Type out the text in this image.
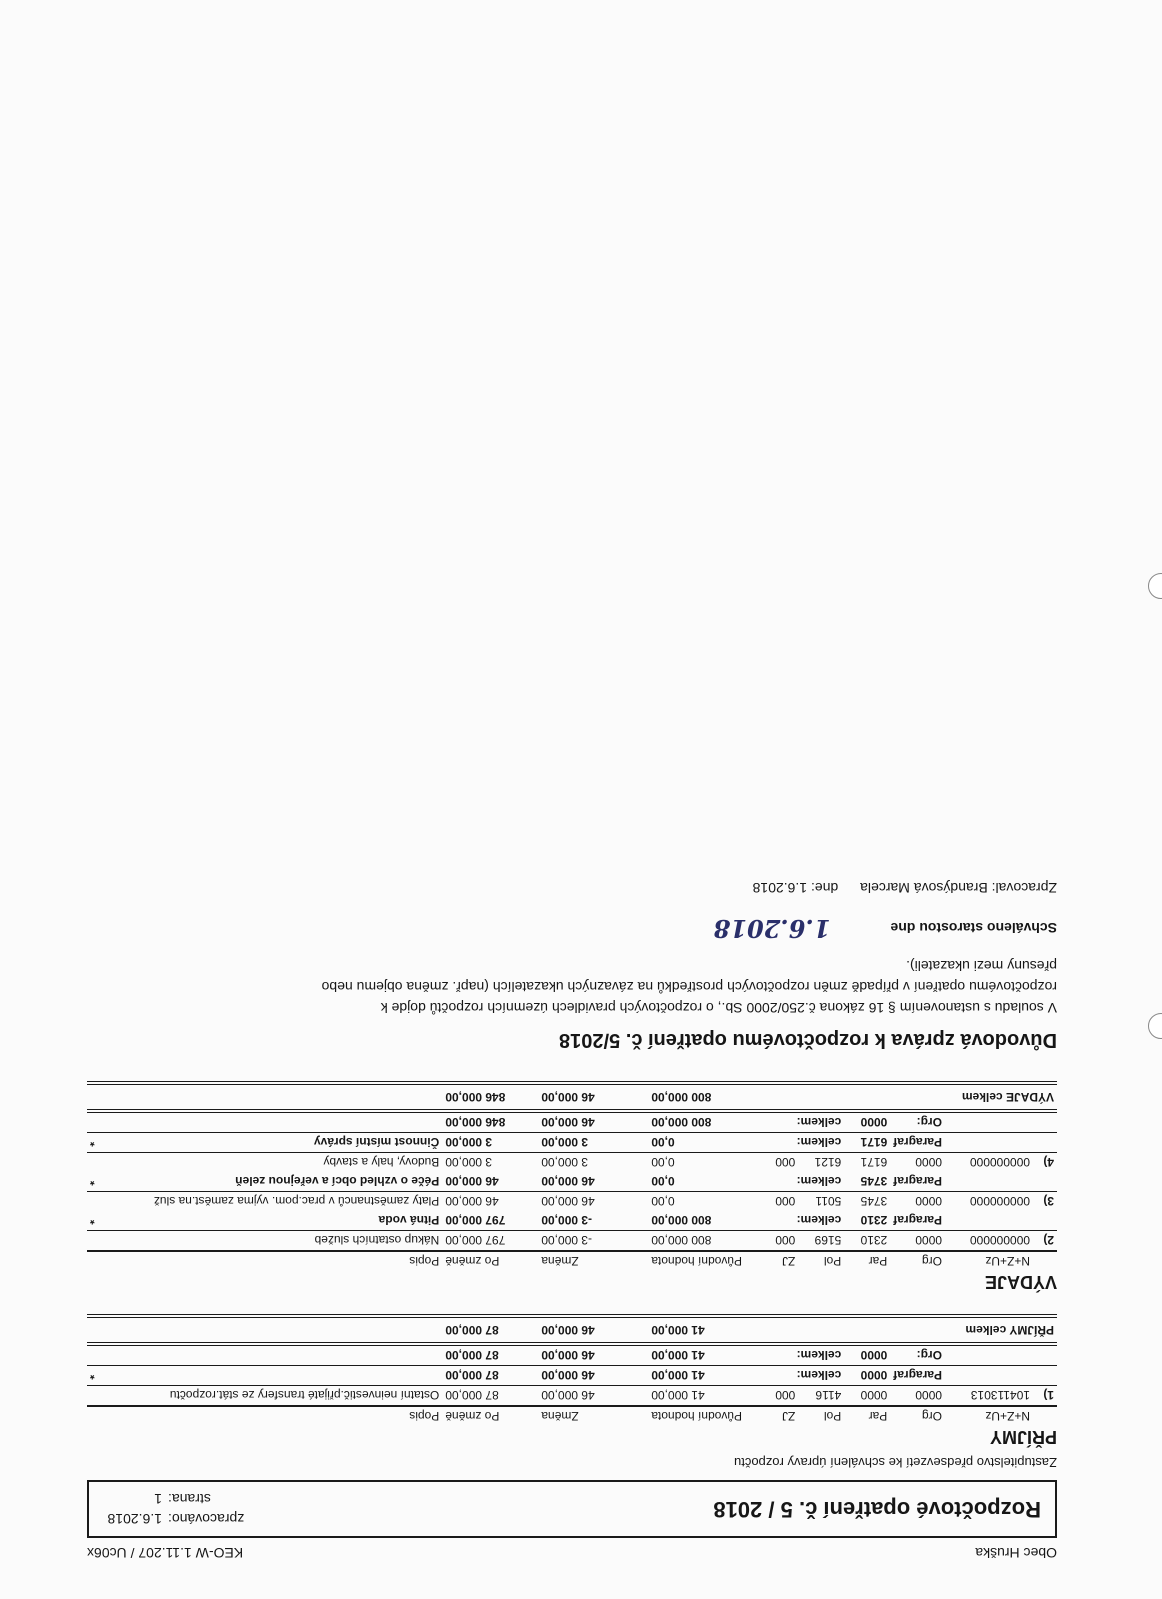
Obec Hruška
KEO-W 1.11.207 / Uc06x
Rozpočtové opatření č. 5 / 2018
zpracováno:1.6.2018
strana:1
Zastupitelstvo předsevzetí ke schválení úpravy rozpočtu
PŘÍJMY
	N+Z+Uz	Org	Par	Pol	ZJ	Původní hodnota	Změna	Po změně	Popis	
1)	104113013	0000	0000	4116	000	41 000,00	46 000,00	87 000,00	Ostatní neinvestič.přijaté transfery ze stát.rozpočtu	
		Paragraf	0000	celkem:		41 000,00	46 000,00	87 000,00		*
		Org:	0000	celkem:		41 000,00	46 000,00	87 000,00		
PŘÍJMY celkem						41 000,00	46 000,00	87 000,00		
VÝDAJE
	N+Z+Uz	Org	Par	Pol	ZJ	Původní hodnota	Změna	Po změně	Popis	
2)	000000000	0000	2310	5169	000	800 000,00	-3 000,00	797 000,00	Nákup ostatních služeb	
		Paragraf	2310	celkem:		800 000,00	-3 000,00	797 000,00	Pitná voda	*
3)	000000000	0000	3745	5011	000	0,00	46 000,00	46 000,00	Platy zaměstnanců v prac.pom. vyjma zaměst.na služ	
		Paragraf	3745	celkem:		0,00	46 000,00	46 000,00	Péče o vzhled obcí a veřejnou zeleň	*
4)	000000000	0000	6171	6121	000	0,00	3 000,00	3 000,00	Budovy, haly a stavby	
		Paragraf	6171	celkem:		0,00	3 000,00	3 000,00	Činnost místní správy	*
		Org:	0000	celkem:		800 000,00	46 000,00	846 000,00		
VÝDAJE celkem						800 000,00	46 000,00	846 000,00		
Důvodová zpráva k rozpočtovému opatření č. 5/2018
V souladu s ustanovením § 16 zákona č.250/2000 Sb., o rozpočtových pravidlech územních rozpočtů dojde k rozpočtovému opatření v případě změn rozpočtových prostředků na závazných ukazatelích (např. změna objemu nebo přesuny mezi ukazateli).
Schváleno starostou dne
1.6.2018
Zpracoval: Brandýsová Marcela dne: 1.6.2018
